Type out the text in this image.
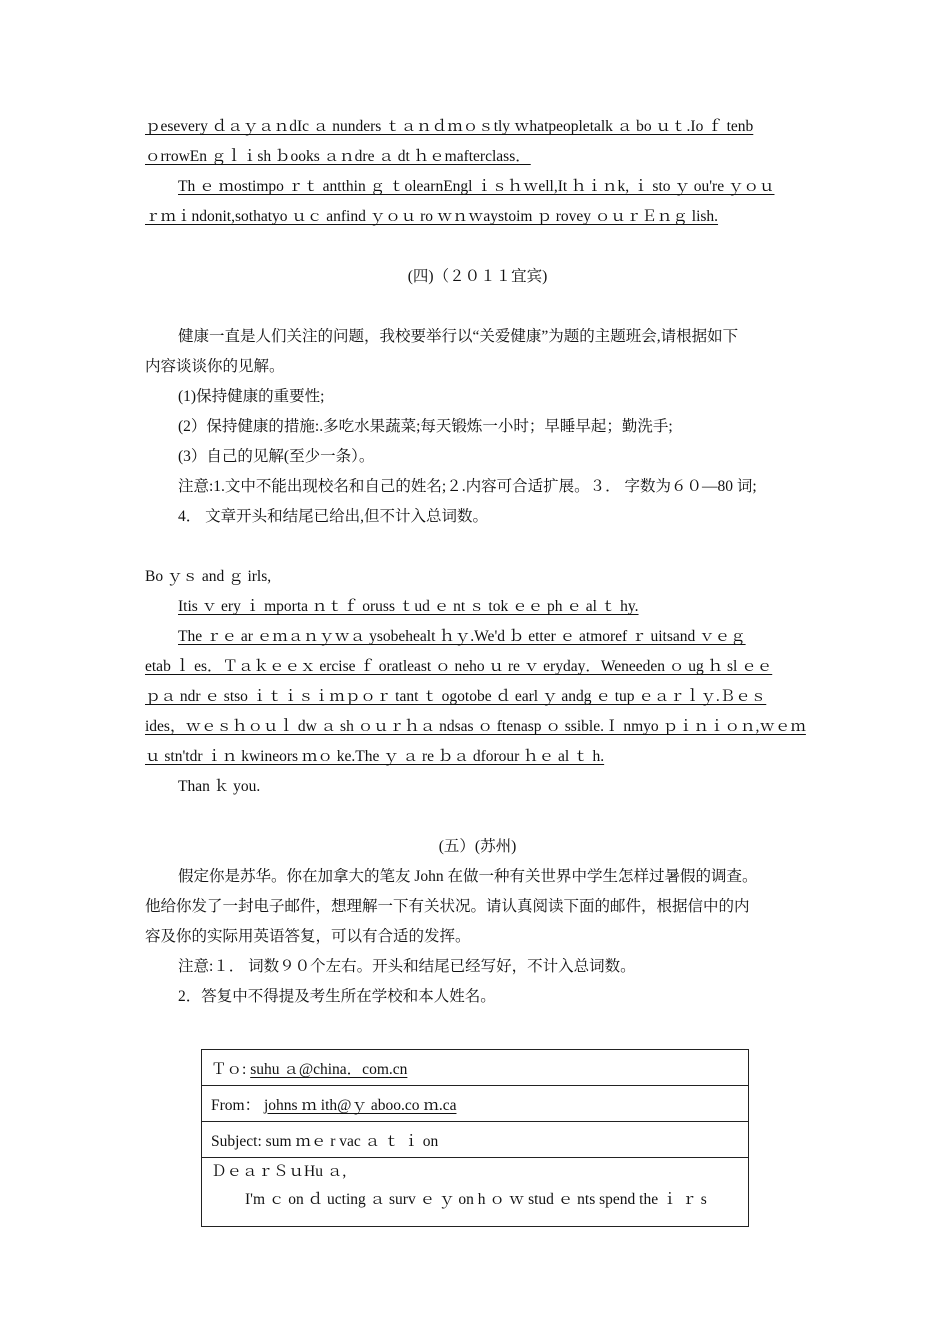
ｐesevery ｄａｙａｎdIc ａ nunders ｔａｎｄｍｏｓtly ｗhatpeopletalk ａ bo ｕｔ.Io ｆ tenb
ｏrrowEn ｇｌｉsh ｂooks ａｎdre ａ dt ｈｅmafterclass．
Th ｅ ｍostimpo ｒｔ antthin ｇ ｔolearnEngl ｉｓｈｗell,It ｈｉｎk, ｉ sto ｙ ou're ｙｏｕ
ｒｍｉndonit,sothatyo ｕｃ anfind ｙｏｕ ro ｗｎｗaystoim ｐ rovey ｏｕｒＥｎｇ lish.
(四)（２０１１宜宾)
健康一直是人们关注的问题，我校要举行以“关爱健康”为题的主题班会,请根据如下
内容谈谈你的见解。
(1)保持健康的重要性;
(2）保持健康的措施:.多吃水果蔬菜;每天锻炼一小时；早睡早起；勤洗手;
(3）自己的见解(至少一条）。
注意:1.文中不能出现校名和自己的姓名;２.内容可合适扩展。３． 字数为６０—80 词;
4． 文章开头和结尾已给出,但不计入总词数。
Bo ｙｓ and ｇ irls,
Itis ｖ ery ｉ mporta ｎｔｆ oruss ｔud ｅ nt ｓ tok ｅｅ ph ｅ al ｔ hy.
The ｒｅ ar ｅｍａｎｙｗａ ysobehealt ｈｙ.We'd ｂ etter ｅ atmoref ｒ uitsand ｖｅｇ
etab ｌ es．Ｔａｋｅｅｘ ercise ｆ oratleast ｏ neho ｕ re ｖ eryday．Weneeden ｏ ug ｈ sl ｅｅ
ｐａ ndr ｅ stso ｉｔｉｓｉｍｐｏｒ tant ｔ ogotobe ｄ earl ｙ andg ｅ tup ｅａｒｌｙ.Ｂｅｓ
ides，ｗｅｓｈｏｕｌ dw ａ sh ｏｕｒｈａ ndsas ｏ ftenasp ｏ ssible.Ｉ nmyo ｐｉｎｉｏｎ,ｗｅｍ
ｕ stn'tdr ｉｎ kwineors ｍｏ ke.The ｙ ａ re ｂａ dforour ｈｅ al ｔ h.
Than ｋ you.
(五）(苏州)
假定你是苏华。你在加拿大的笔友 John 在做一种有关世界中学生怎样过暑假的调查。
他给你发了一封电子邮件，想理解一下有关状况。请认真阅读下面的邮件，根据信中的内
容及你的实际用英语答复，可以有合适的发挥。
注意:１． 词数９０个左右。开头和结尾已经写好，不计入总词数。
2．答复中不得提及考生所在学校和本人姓名。
Ｔｏ: suhu ａ@china．com.cn
From： johns ｍ ith@ｙ aboo.co ｍ.ca
Subject: sum ｍｅ r vac ａ ｔ ｉ on

ＤｅａｒＳｕHu ａ,
I'm ｃ on ｄ ucting ａ surv ｅ ｙ on h ｏ ｗ stud ｅ nts spend the ｉ ｒ s
